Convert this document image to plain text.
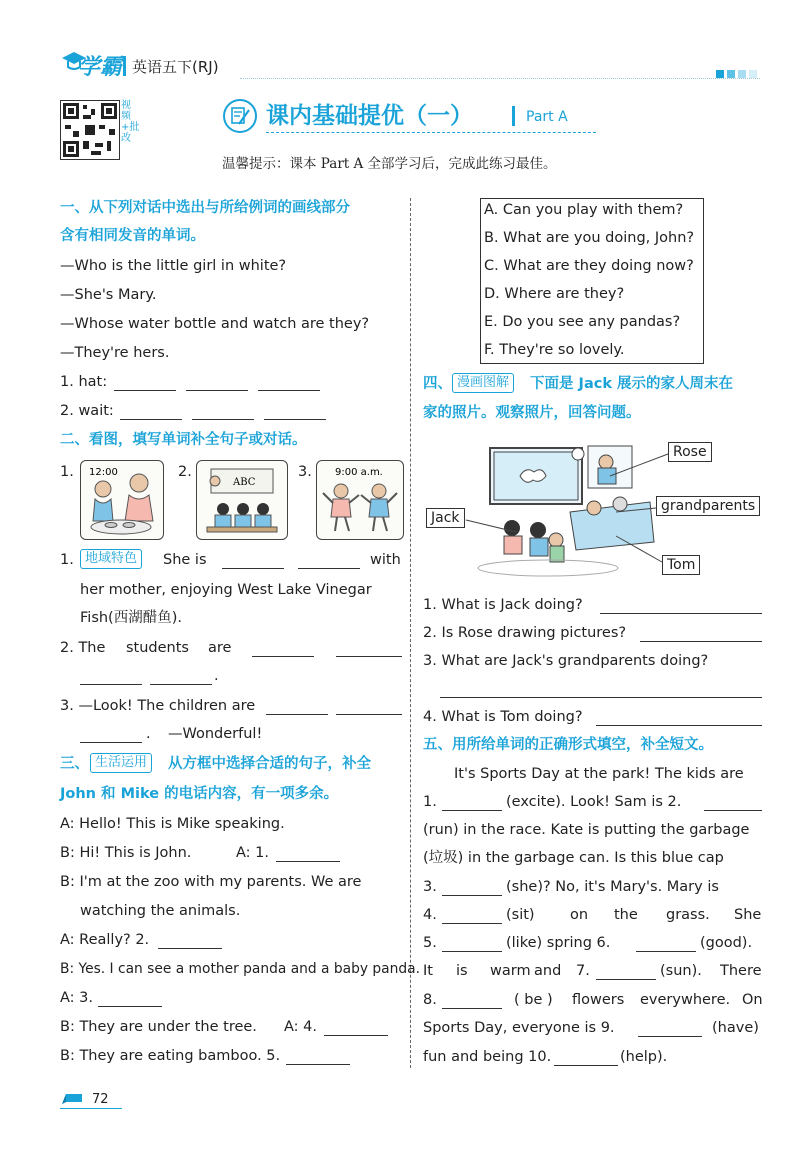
学霸 英语五下(RJ)
视频+批改
课内基础提优（一）	Part A
温馨提示：课本 Part A 全部学习后，完成此练习最佳。
一、从下列对话中选出与所给例词的画线部分
含有相同发音的单词。
—Who is the little girl in white?
—She's Mary.
—Whose water bottle and watch are they?
—They're hers.
1. hat:
2. wait:
二、看图，填写单词补全句子或对话。
1. 12:00	2.
ABC
3. 9:00 a.m.
1. 地域特色	She is	with
her mother, enjoying West Lake Vinegar
Fish(西湖醋鱼).
2. The students are
.
3. —Look! The children are
. —Wonderful!
三、 生活运用	从方框中选择合适的句子，补全
John 和 Mike 的电话内容，有一项多余。
A: Hello! This is Mike speaking.
B: Hi! This is John.	A: 1.
B: I'm at the zoo with my parents. We are
watching the animals.
A: Really? 2.
B: Yes. I can see a mother panda and a baby panda.
A: 3.
B: They are under the tree. A: 4.
B: They are eating bamboo. 5.
A. Can you play with them?
B. What are you doing, John?
C. What are they doing now?
D. Where are they?
E. Do you see any pandas?
F. They're so lovely.
四、 漫画图解	下面是 Jack 展示的家人周末在
家的照片。观察照片，回答问题。
Rose
grandparents
Jack
Tom
1. What is Jack doing?
2. Is Rose drawing pictures?
3. What are Jack's grandparents doing?
4. What is Tom doing?
五、用所给单词的正确形式填空，补全短文。
It's Sports Day at the park! The kids are
1.	(excite). Look! Sam is 2.
(run) in the race. Kate is putting the garbage
(垃圾) in the garbage can. Is this blue cap
3.	(she)? No, it's Mary's. Mary is
4.	(sit) on the grass. She
5.	(like) spring 6.	(good).
It is warm and 7.	(sun). There
8.	( be ) flowers everywhere. On
Sports Day, everyone is 9.	(have)
fun and being 10.	(help).
72
